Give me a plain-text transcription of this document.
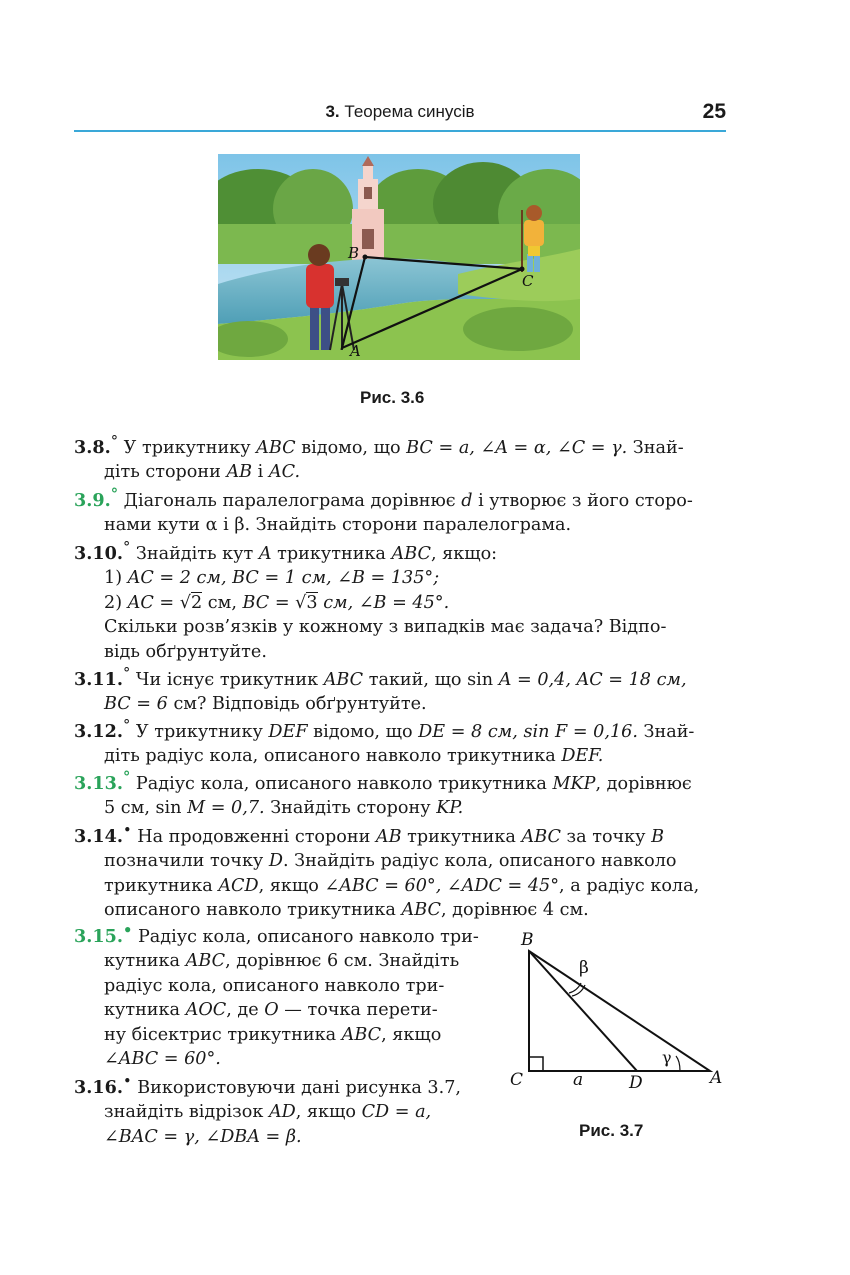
3. Теорема синусів	25
B
C
A
Рис. 3.6
3.8.° У трикутнику ABC відомо, що BC = a, ∠A = α, ∠C = γ. Знай-
діть сторони AB і AC.
3.9.° Діагональ паралелограма дорівнює d і утворює з його сторо-
нами кути α і β. Знайдіть сторони паралелограма.
3.10.° Знайдіть кут A трикутника ABC, якщо:
1) AC = 2 см, BC = 1 см, ∠B = 135°;
2) AC = √2 см, BC = √3 см, ∠B = 45°.
Скільки розв’язків у кожному з випадків має задача? Відпо-
відь обґрунтуйте.
3.11.° Чи існує трикутник ABC такий, що sin A = 0,4, AC = 18 см,
BC = 6 см? Відповідь обґрунтуйте.
3.12.° У трикутнику DEF відомо, що DE = 8 см, sin F = 0,16. Знай-
діть радіус кола, описаного навколо трикутника DEF.
3.13.° Радіус кола, описаного навколо трикутника MKP, дорівнює
5 см, sin M = 0,7. Знайдіть сторону KP.
3.14.• На продовженні сторони AB трикутника ABC за точку B
позначили точку D. Знайдіть радіус кола, описаного навколо
трикутника ACD, якщо ∠ABC = 60°, ∠ADC = 45°, а радіус кола,
описаного навколо трикутника ABC, дорівнює 4 см.
3.15.• Радіус кола, описаного навколо три-
кутника ABC, дорівнює 6 см. Знайдіть
радіус кола, описаного навколо три-
кутника AOC, де O — точка перети-
ну бісектрис трикутника ABC, якщо
∠ABC = 60°.
3.16.• Використовуючи дані рисунка 3.7,
знайдіть відрізок AD, якщо CD = a,
∠BAC = γ, ∠DBA = β.
B
C	A
D
a
β
γ
Рис. 3.7
